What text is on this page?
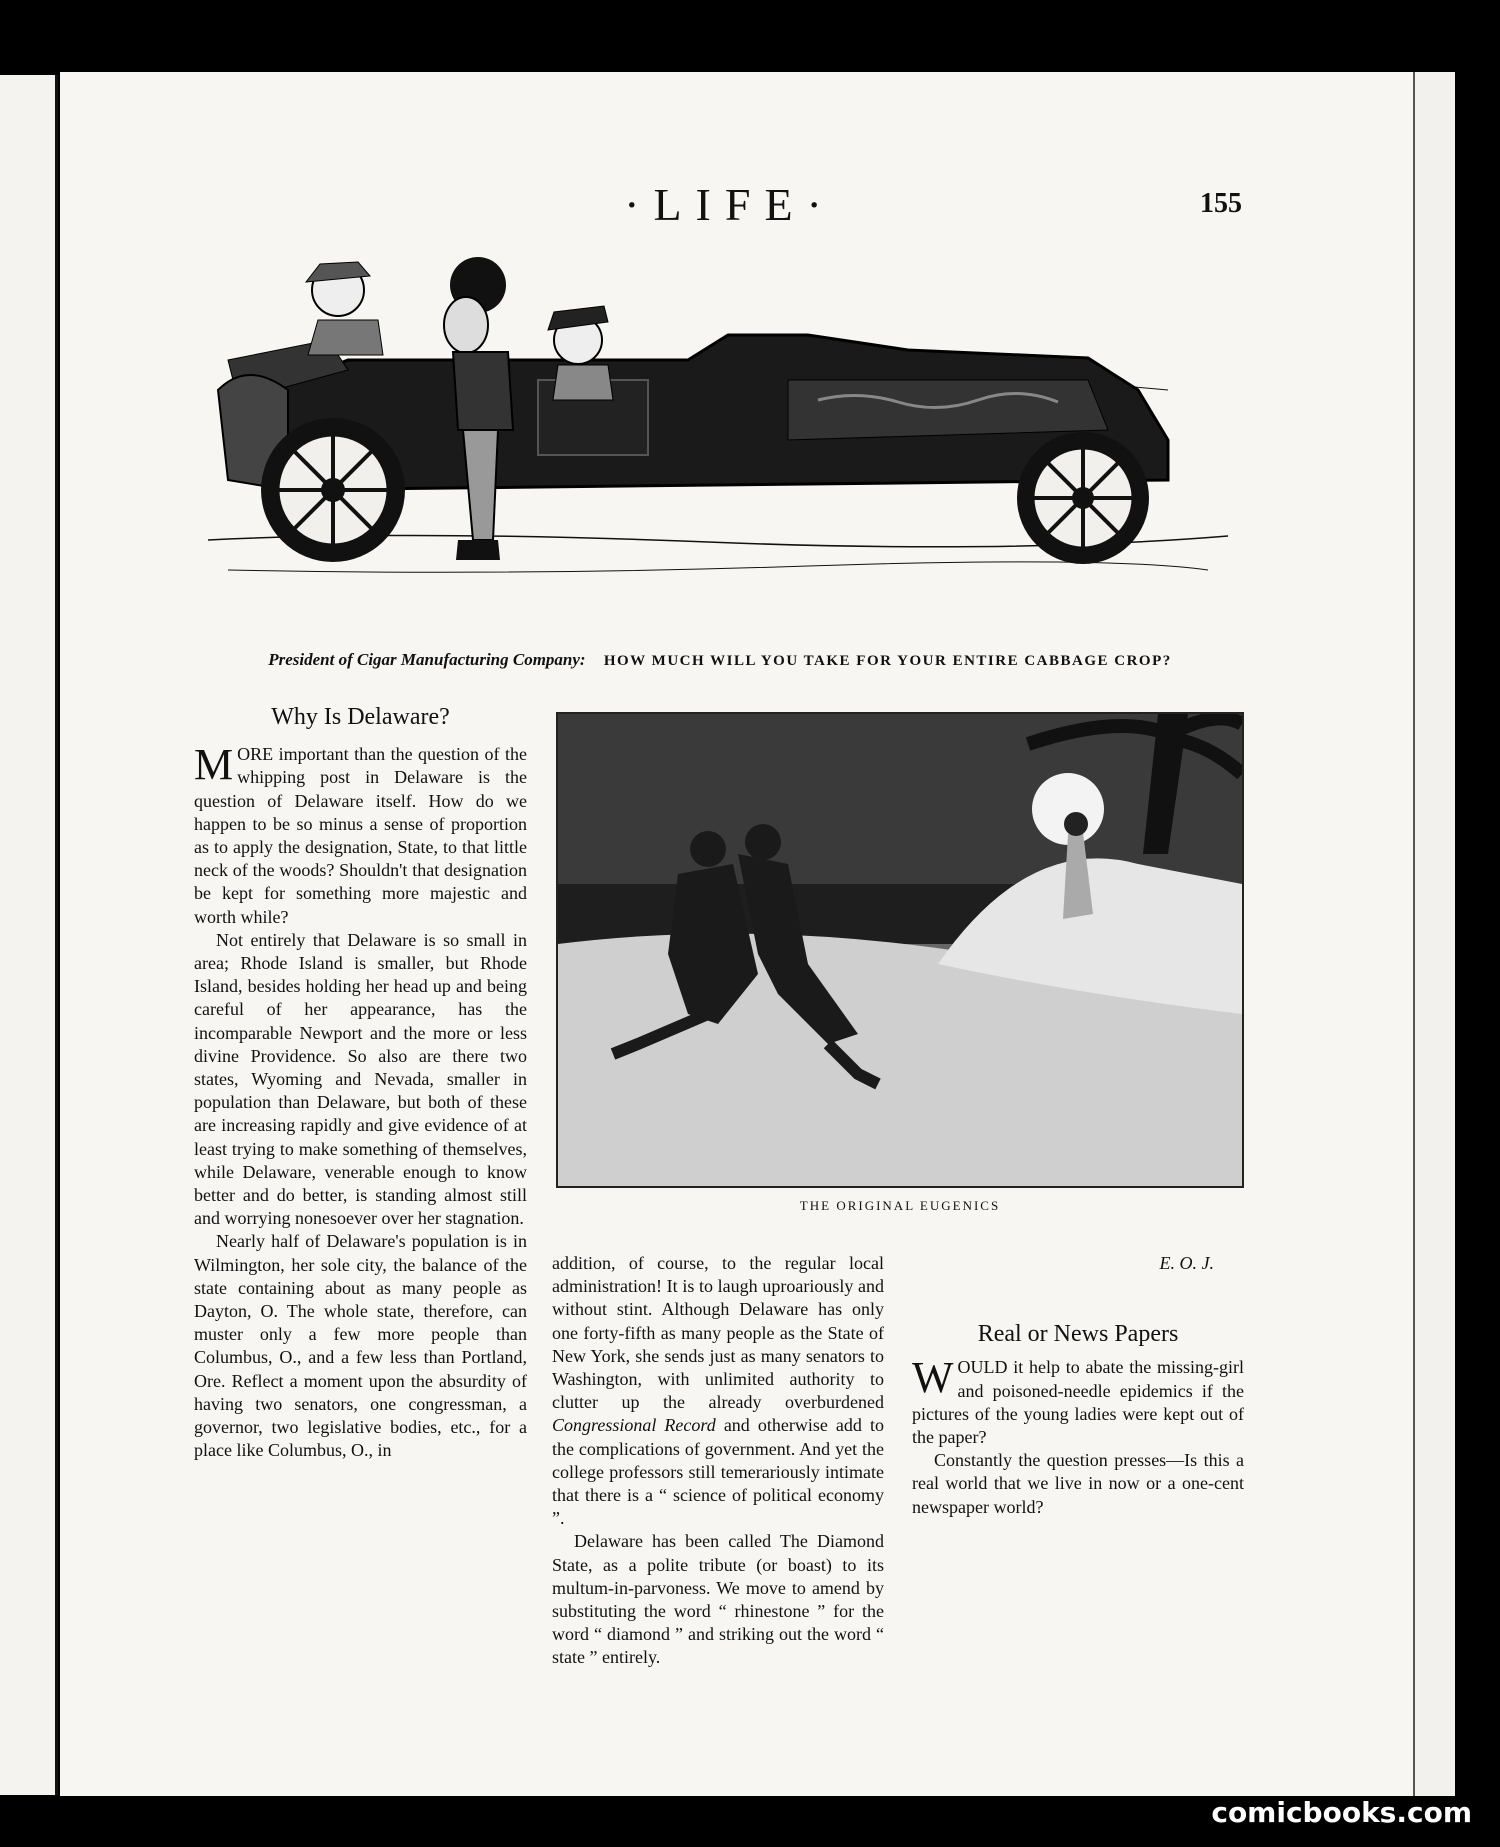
·LIFE·	155
President of Cigar Manufacturing Company: HOW MUCH WILL YOU TAKE FOR YOUR ENTIRE CABBAGE CROP?
THE ORIGINAL EUGENICS
Why Is Delaware?

MORE important than the question of the whipping post in Delaware is the question of Delaware itself. How do we happen to be so minus a sense of proportion as to apply the designation, State, to that little neck of the woods? Shouldn't that designation be kept for something more majestic and worth while?

Not entirely that Delaware is so small in area; Rhode Island is smaller, but Rhode Island, besides holding her head up and being careful of her appearance, has the incomparable Newport and the more or less divine Providence. So also are there two states, Wyoming and Nevada, smaller in population than Delaware, but both of these are increasing rapidly and give evidence of at least trying to make something of themselves, while Delaware, venerable enough to know better and do better, is standing almost still and worrying nonesoever over her stagnation.

Nearly half of Delaware's population is in Wilmington, her sole city, the balance of the state containing about as many people as Dayton, O. The whole state, therefore, can muster only a few more people than Columbus, O., and a few less than Portland, Ore. Reflect a moment upon the absurdity of having two senators, one congressman, a governor, two legislative bodies, etc., for a place like Columbus, O., in

addition, of course, to the regular local administration! It is to laugh uproariously and without stint. Although Delaware has only one forty-fifth as many people as the State of New York, she sends just as many senators to Washington, with unlimited authority to clutter up the already overburdened Congressional Record and otherwise add to the complications of government. And yet the college professors still temerariously intimate that there is a “ science of political economy ”.

Delaware has been called The Diamond State, as a polite tribute (or boast) to its multum-in-parvoness. We move to amend by substituting the word “ rhinestone ” for the word “ diamond ” and striking out the word “ state ” entirely.

E. O. J.
Real or News Papers

WOULD it help to abate the missing-girl and poisoned-needle epidemics if the pictures of the young ladies were kept out of the paper?

Constantly the question presses—Is this a real world that we live in now or a one-cent newspaper world?

comicbooks.com
